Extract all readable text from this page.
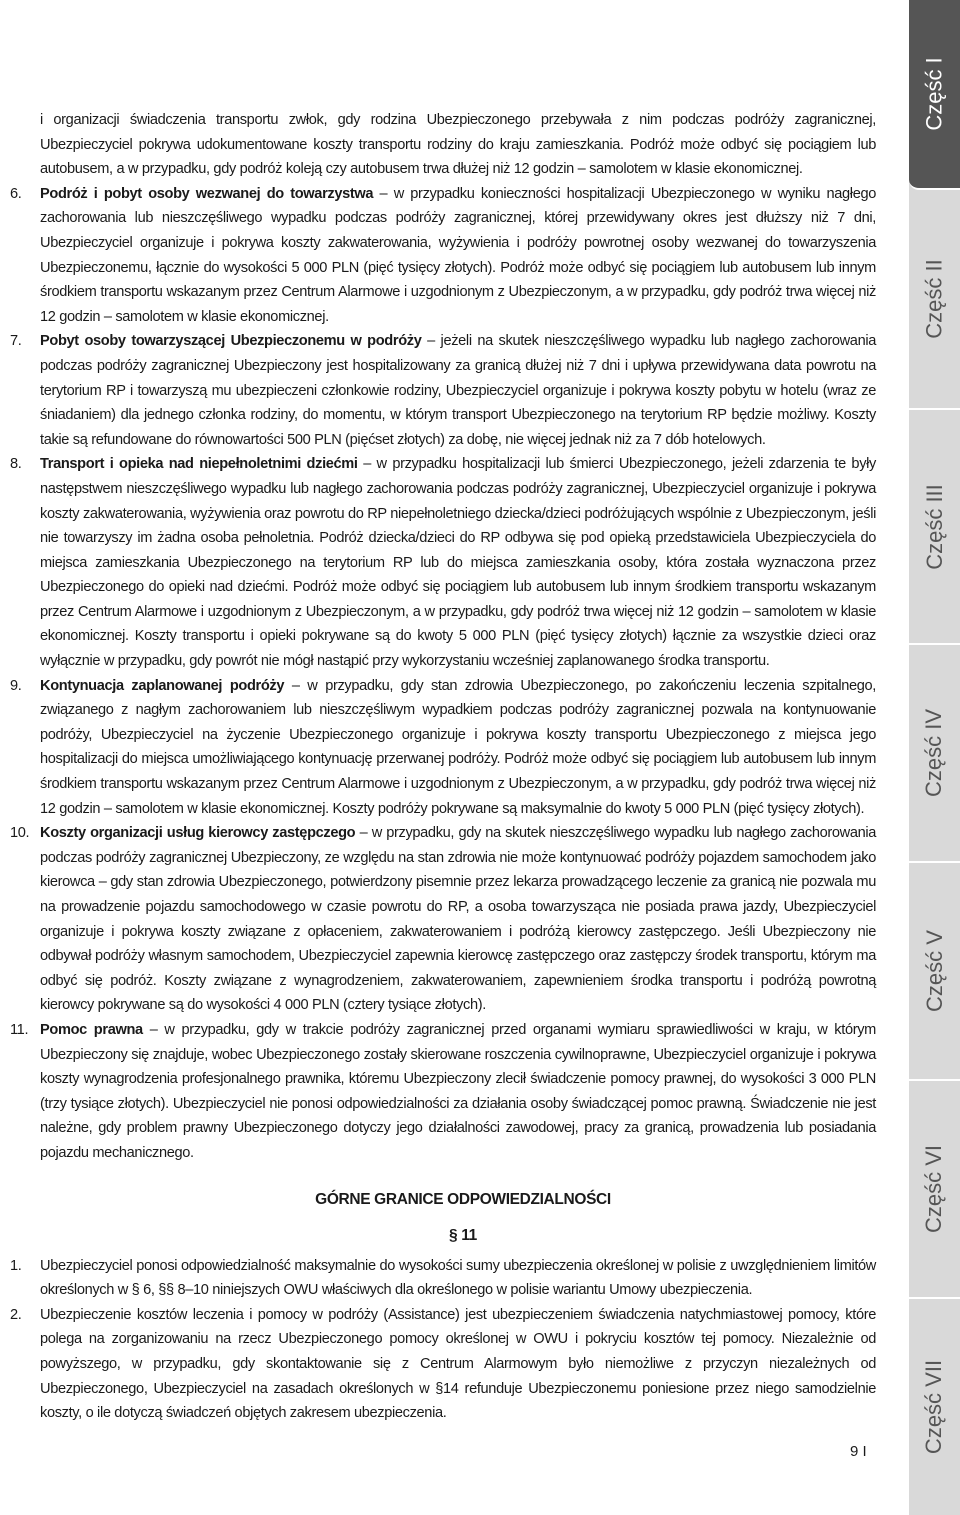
i organizacji świadczenia transportu zwłok, gdy rodzina Ubezpieczonego przebywała z nim podczas podróży zagranicznej, Ubezpieczyciel pokrywa udokumentowane koszty transportu rodziny do kraju zamieszkania. Podróż może odbyć się pociągiem lub autobusem, a w przypadku, gdy podróż koleją czy autobusem trwa dłużej niż 12 godzin – samolotem w klasie ekonomicznej.

6.	Podróż i pobyt osoby wezwanej do towarzystwa – w przypadku konieczności hospitalizacji Ubezpieczonego w wyniku nagłego zachorowania lub nieszczęśliwego wypadku podczas podróży zagranicznej, której przewidywany okres jest dłuższy niż 7 dni, Ubezpieczyciel organizuje i pokrywa koszty zakwaterowania, wyżywienia i podróży powrotnej osoby wezwanej do towarzyszenia Ubezpieczonemu, łącznie do wysokości 5 000 PLN (pięć tysięcy złotych). Podróż może odbyć się pociągiem lub autobusem lub innym środkiem transportu wskazanym przez Centrum Alarmowe i uzgodnionym z Ubezpieczonym, a w przypadku, gdy podróż trwa więcej niż 12 godzin – samolotem w klasie ekonomicznej.
7.	Pobyt osoby towarzyszącej Ubezpieczonemu w podróży – jeżeli na skutek nieszczęśliwego wypadku lub nagłego zachorowania podczas podróży zagranicznej Ubezpieczony jest hospitalizowany za granicą dłużej niż 7 dni i upływa przewidywana data powrotu na terytorium RP i towarzyszą mu ubezpieczeni członkowie rodziny, Ubezpieczyciel organizuje i pokrywa koszty pobytu w hotelu (wraz ze śniadaniem) dla jednego członka rodziny, do momentu, w którym transport Ubezpieczonego na terytorium RP będzie możliwy. Koszty takie są refundowane do równowartości 500 PLN (pięćset złotych) za dobę, nie więcej jednak niż za 7 dób hotelowych.
8.	Transport i opieka nad niepełnoletnimi dziećmi – w przypadku hospitalizacji lub śmierci Ubezpieczonego, jeżeli zdarzenia te były następstwem nieszczęśliwego wypadku lub nagłego zachorowania podczas podróży zagranicznej, Ubezpieczyciel organizuje i pokrywa koszty zakwaterowania, wyżywienia oraz powrotu do RP niepełnoletniego dziecka/dzieci podróżujących wspólnie z Ubezpieczonym, jeśli nie towarzyszy im żadna osoba pełnoletnia. Podróż dziecka/dzieci do RP odbywa się pod opieką przedstawiciela Ubezpieczyciela do miejsca zamieszkania Ubezpieczonego na terytorium RP lub do miejsca zamieszkania osoby, która została wyznaczona przez Ubezpieczonego do opieki nad dziećmi. Podróż może odbyć się pociągiem lub autobusem lub innym środkiem transportu wskazanym przez Centrum Alarmowe i uzgodnionym z Ubezpieczonym, a w przypadku, gdy podróż trwa więcej niż 12 godzin – samolotem w klasie ekonomicznej. Koszty transportu i opieki pokrywane są do kwoty 5 000 PLN (pięć tysięcy złotych) łącznie za wszystkie dzieci oraz wyłącznie w przypadku, gdy powrót nie mógł nastąpić przy wykorzystaniu wcześniej zaplanowanego środka transportu.
9.	Kontynuacja zaplanowanej podróży – w przypadku, gdy stan zdrowia Ubezpieczonego, po zakończeniu leczenia szpitalnego, związanego z nagłym zachorowaniem lub nieszczęśliwym wypadkiem podczas podróży zagranicznej pozwala na kontynuowanie podróży, Ubezpieczyciel na życzenie Ubezpieczonego organizuje i pokrywa koszty transportu Ubezpieczonego z miejsca jego hospitalizacji do miejsca umożliwiającego kontynuację przerwanej podróży. Podróż może odbyć się pociągiem lub autobusem lub innym środkiem transportu wskazanym przez Centrum Alarmowe i uzgodnionym z Ubezpieczonym, a w przypadku, gdy podróż trwa więcej niż 12 godzin – samolotem w klasie ekonomicznej. Koszty podróży pokrywane są maksymalnie do kwoty 5 000 PLN (pięć tysięcy złotych).
10. Koszty organizacji usług kierowcy zastępczego – w przypadku, gdy na skutek nieszczęśliwego wypadku lub nagłego zachorowania podczas podróży zagranicznej Ubezpieczony, ze względu na stan zdrowia nie może kontynuować podróży pojazdem samochodem jako kierowca – gdy stan zdrowia Ubezpieczonego, potwierdzony pisemnie przez lekarza prowadzącego leczenie za granicą nie pozwala mu na prowadzenie pojazdu samochodowego w czasie powrotu do RP, a osoba towarzysząca nie posiada prawa jazdy, Ubezpieczyciel organizuje i pokrywa koszty związane z opłaceniem, zakwaterowaniem i podróżą kierowcy zastępczego. Jeśli Ubezpieczony nie odbywał podróży własnym samochodem, Ubezpieczyciel zapewnia kierowcę zastępczego oraz zastępczy środek transportu, którym ma odbyć się podróż. Koszty związane z wynagrodzeniem, zakwaterowaniem, zapewnieniem środka transportu i podróżą powrotną kierowcy pokrywane są do wysokości 4 000 PLN (cztery tysiące złotych).
11. Pomoc prawna – w przypadku, gdy w trakcie podróży zagranicznej przed organami wymiaru sprawiedliwości w kraju, w którym Ubezpieczony się znajduje, wobec Ubezpieczonego zostały skierowane roszczenia cywilnoprawne, Ubezpieczyciel organizuje i pokrywa koszty wynagrodzenia profesjonalnego prawnika, któremu Ubezpieczony zlecił świadczenie pomocy prawnej, do wysokości 3 000 PLN (trzy tysiące złotych). Ubezpieczyciel nie ponosi odpowiedzialności za działania osoby świadczącej pomoc prawną. Świadczenie nie jest należne, gdy problem prawny Ubezpieczonego dotyczy jego działalności zawodowej, pracy za granicą, prowadzenia lub posiadania pojazdu mechanicznego.
GÓRNE GRANICE ODPOWIEDZIALNOŚCI
§ 11
1.	Ubezpieczyciel ponosi odpowiedzialność maksymalnie do wysokości sumy ubezpieczenia określonej w polisie z uwzględnieniem limitów określonych w § 6, §§ 8–10 niniejszych OWU właściwych dla określonego w polisie wariantu Umowy ubezpieczenia.
2.	Ubezpieczenie kosztów leczenia i pomocy w podróży (Assistance) jest ubezpieczeniem świadczenia natychmiastowej pomocy, które polega na zorganizowaniu na rzecz Ubezpieczonego pomocy określonej w OWU i pokryciu kosztów tej pomocy. Niezależnie od powyższego, w przypadku, gdy skontaktowanie się z Centrum Alarmowym było niemożliwe z przyczyn niezależnych od Ubezpieczonego, Ubezpieczyciel na zasadach określonych w §14 refunduje Ubezpieczonemu poniesione przez niego samodzielnie koszty, o ile dotyczą świadczeń objętych zakresem ubezpieczenia.
9 I
Część I
Część II
Część III
Część IV
Część V
Część VI
Część VII
